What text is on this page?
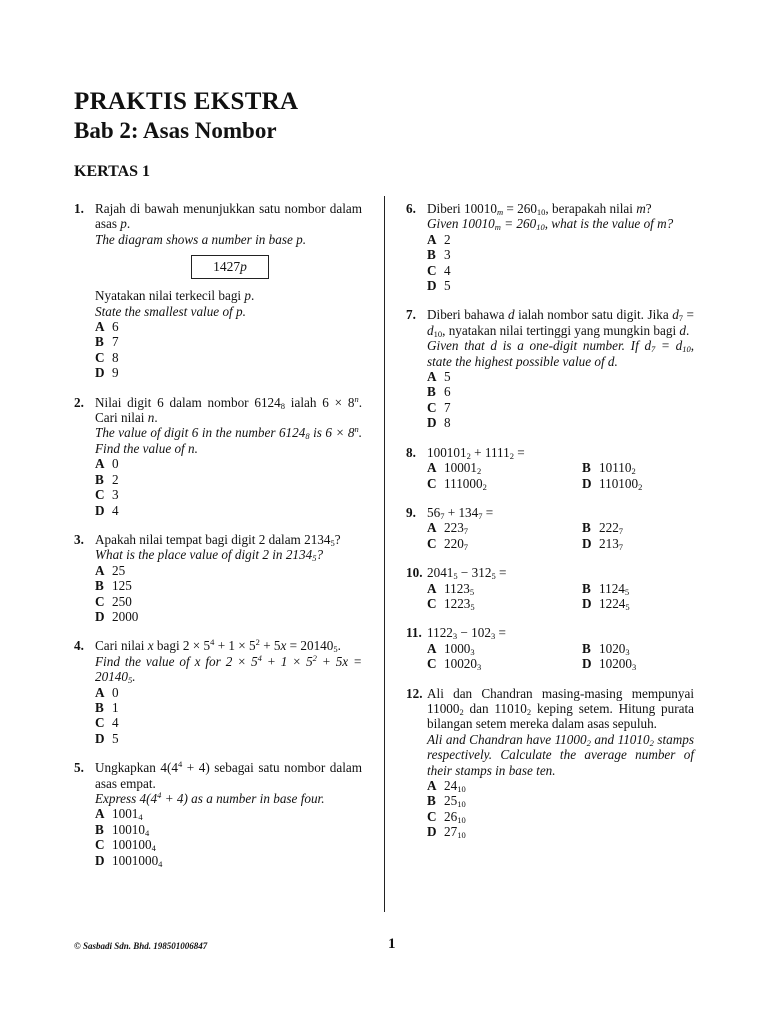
PRAKTIS EKSTRA
Bab 2: Asas Nombor
KERTAS 1
1. Rajah di bawah menunjukkan satu nombor dalam asas p.
The diagram shows a number in base p.
1427p
Nyatakan nilai terkecil bagi p.
State the smallest value of p.
A 6
B 7
C 8
D 9
2. Nilai digit 6 dalam nombor $6124_8$ ialah $6 \times 8^n$. Cari nilai n.
The value of digit 6 in the number $6124_8$ is $6 \times 8^n$. Find the value of n.
A 0
B 2
C 3
D 4
3. Apakah nilai tempat bagi digit 2 dalam $2134_5$?
What is the place value of digit 2 in $2134_5$?
A 25
B 125
C 250
D 2000
4. Cari nilai x bagi $2 \times 5^4 + 1 \times 5^2 + 5x = 20140_5$.
Find the value of x for $2 \times 5^4 + 1 \times 5^2 + 5x = 20140_5$.
A 0
B 1
C 4
D 5
5. Ungkapkan $4(4^4 + 4)$ sebagai satu nombor dalam asas empat.
Express $4(4^4 + 4)$ as a number in base four.
A $1001_4$
B $10010_4$
C $100100_4$
D $1001000_4$
6. Diberi $10010_m = 260_{10}$, berapakah nilai m?
Given $10010_m = 260_{10}$, what is the value of m?
A 2
B 3
C 4
D 5
7. Diberi bahawa d ialah nombor satu digit. Jika $d_7 = d_{10}$, nyatakan nilai tertinggi yang mungkin bagi d.
Given that d is a one-digit number. If $d_7 = d_{10}$, state the highest possible value of d.
A 5
B 6
C 7
D 8
8. $100101_2 + 1111_2$ =
A $10001_2$	B $10110_2$
C $111000_2$	D $110100_2$
9. $56_7 + 134_7$ =
A $223_7$	B $222_7$
C $220_7$	D $213_7$
10. $2041_5 - 312_5$ =
A $1123_5$	B $1124_5$
C $1223_5$	D $1224_5$
11. $1122_3 - 102_3$ =
A $1000_3$	B $1020_3$
C $10020_3$	D $10200_3$
12. Ali dan Chandran masing-masing mempunyai $11000_2$ dan $11010_2$ keping setem. Hitung purata bilangan setem mereka dalam asas sepuluh.
Ali and Chandran have $11000_2$ and $11010_2$ stamps respectively. Calculate the average number of their stamps in base ten.
A $24_{10}$
B $25_{10}$
C $26_{10}$
D $27_{10}$
© Sasbadi Sdn. Bhd. 198501006847	1
